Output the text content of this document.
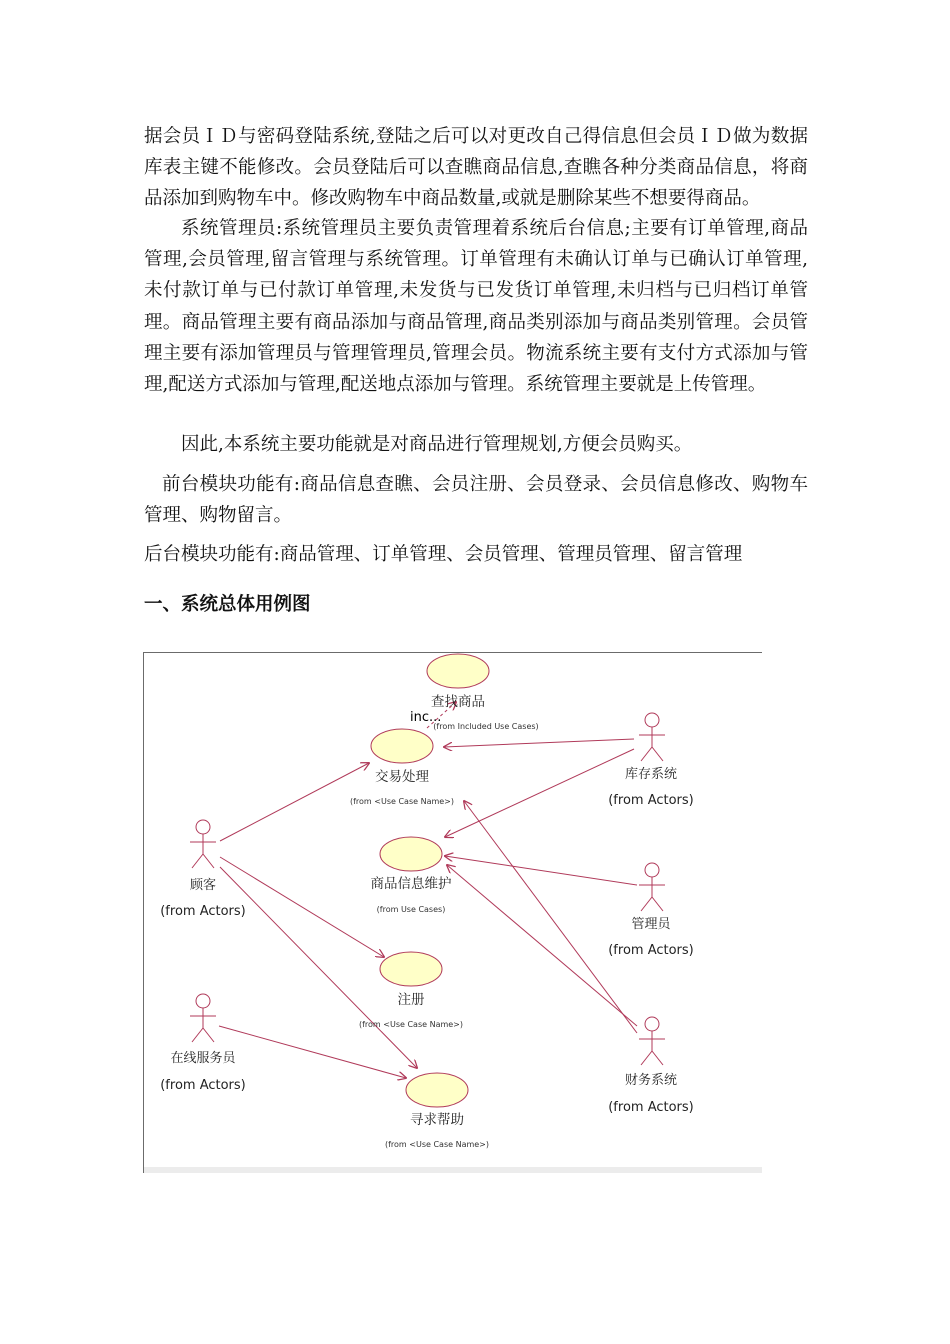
据会员ＩＤ与密码登陆系统,登陆之后可以对更改自己得信息但会员ＩＤ做为数据库表主键不能修改。会员登陆后可以查瞧商品信息,查瞧各种分类商品信息，将商品添加到购物车中。修改购物车中商品数量,或就是删除某些不想要得商品。

系统管理员:系统管理员主要负责管理着系统后台信息;主要有订单管理,商品管理,会员管理,留言管理与系统管理。订单管理有未确认订单与已确认订单管理,未付款订单与已付款订单管理,未发货与已发货订单管理,未归档与已归档订单管理。商品管理主要有商品添加与商品管理,商品类别添加与商品类别管理。会员管理主要有添加管理员与管理管理员,管理会员。物流系统主要有支付方式添加与管理,配送方式添加与管理,配送地点添加与管理。系统管理主要就是上传管理。

因此,本系统主要功能就是对商品进行管理规划,方便会员购买。

前台模块功能有:商品信息查瞧、会员注册、会员登录、会员信息修改、购物车管理、购物留言。

后台模块功能有:商品管理、订单管理、会员管理、管理员管理、留言管理

一、系统总体用例图
查找商品
(from Included Use Cases)
inc...
交易处理
(from <Use Case Name>)
商品信息维护
(from Use Cases)
注册
(from <Use Case Name>)
寻求帮助
(from <Use Case Name>)
顾客
(from Actors)
在线服务员
(from Actors)
库存系统
(from Actors)
管理员
(from Actors)
财务系统
(from Actors)
